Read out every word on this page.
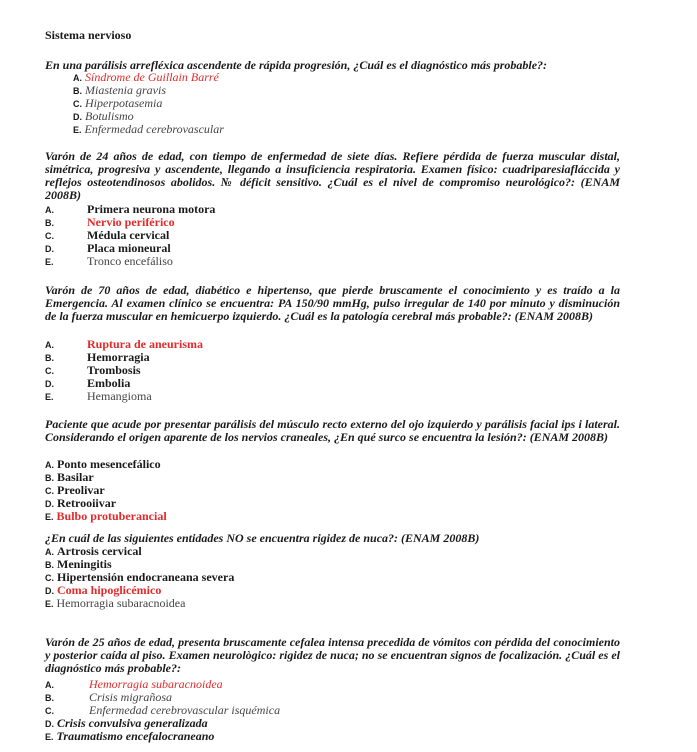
Sistema nervioso
En una parálisis arrefléxica ascendente de rápida progresión, ¿Cuál es el diagnóstico más probable?:
A. Síndrome de Guillain Barré
B. Miastenia gravis
C. Hiperpotasemia
D. Botulismo
E. Enfermedad cerebrovascular
Varón de 24 años de edad, con tiempo de enfermedad de siete días. Refiere pérdida de fuerza muscular distal, simétrica, progresiva y ascendente, llegando a insuficiencia respiratoria. Examen físico: cuadriparesiafláccida y reflejos osteotendinosos abolidos. № déficit sensitivo. ¿Cuál es el nivel de compromiso neurológico?: (ENAM 2008B)
A.	Primera neurona motora
B.	Nervio periférico
C.	Médula cervical
D.	Placa mioneural
E.	Tronco encefáliso
Varón de 70 años de edad, diabético e hipertenso, que pierde bruscamente el conocimiento y es traído a la Emergencia. Al examen clínico se encuentra: PA 150/90 mmHg, pulso irregular de 140 por minuto y disminución de la fuerza muscular en hemicuerpo izquierdo. ¿Cuál es la patología cerebral más probable?: (ENAM 2008B)
A.	Ruptura de aneurisma
B.	Hemorragia
C.	Trombosis
D.	Embolia
E.	Hemangioma
Paciente que acude por presentar parálisis del músculo recto externo del ojo izquierdo y parálisis facial ips i lateral. Considerando el origen aparente de los nervios craneales, ¿En qué surco se encuentra la lesión?: (ENAM 2008B)
A. Ponto mesencefálico
B. Basilar
C. Preolivar
D. Retrooiivar
E. Bulbo protuberancial
¿En cuál de las siguientes entidades NO se encuentra rigidez de nuca?: (ENAM 2008B)
A. Artrosis cervical
B. Meningitis
C. Hipertensión endocraneana severa
D. Coma hipoglicémico
E. Hemorragia subaracnoidea
Varón de 25 años de edad, presenta bruscamente cefalea intensa precedida de vómitos con pérdida del conocimiento y posterior caída al piso. Examen neurològico: rigidez de nuca; no se encuentran signos de focalización. ¿Cuál es el diagnóstico más probable?:
A.	Hemorragia subaracnoidea
B.	Crisis migrañosa
C.	Enfermedad cerebrovascular isquémica
D. Crisis convulsiva generalizada
E. Traumatismo encefalocraneano
